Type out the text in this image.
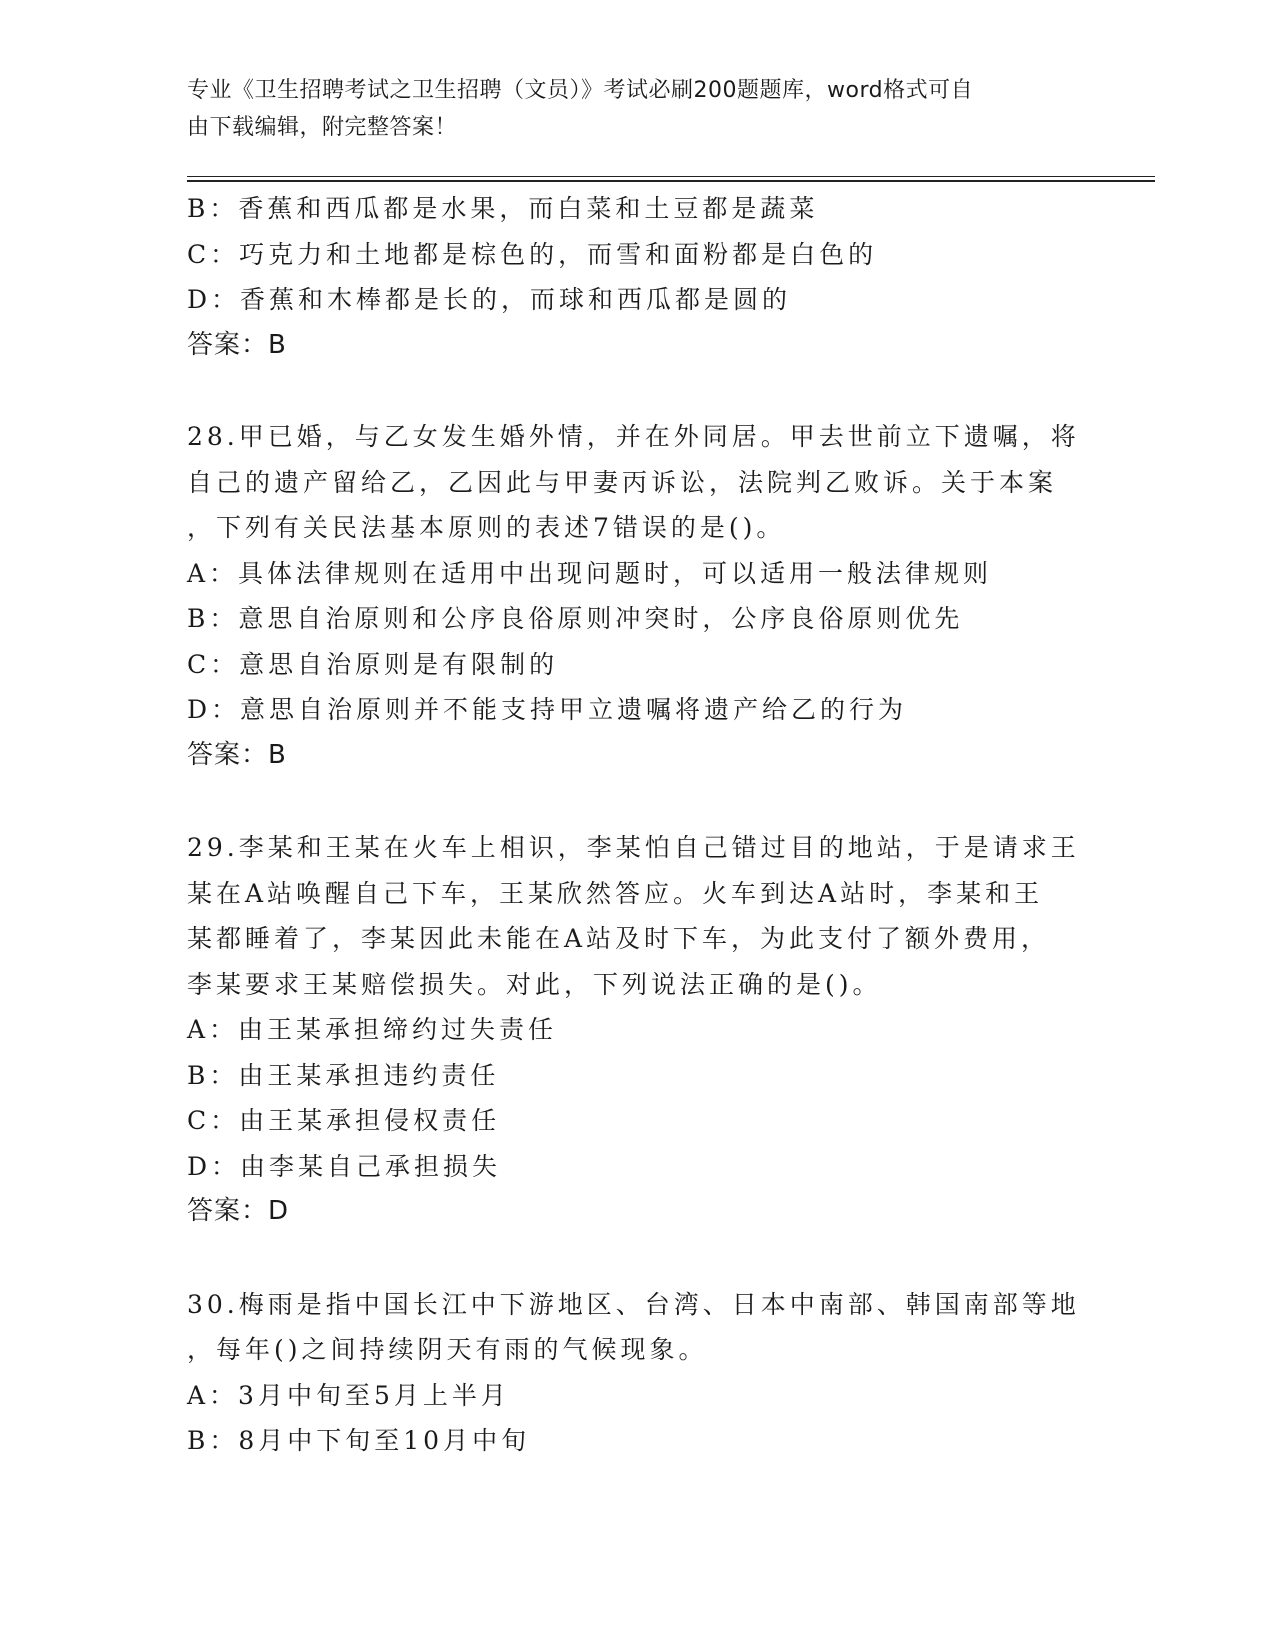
专业《卫生招聘考试之卫生招聘（文员）》考试必刷200题题库，word格式可自
由下载编辑，附完整答案！
B：香蕉和西瓜都是水果，而白菜和土豆都是蔬菜
C：巧克力和土地都是棕色的，而雪和面粉都是白色的
D：香蕉和木棒都是长的，而球和西瓜都是圆的
答案：B
28.甲已婚，与乙女发生婚外情，并在外同居。甲去世前立下遗嘱，将
自己的遗产留给乙，乙因此与甲妻丙诉讼，法院判乙败诉。关于本案
，下列有关民法基本原则的表述7错误的是()。
A：具体法律规则在适用中出现问题时，可以适用一般法律规则
B：意思自治原则和公序良俗原则冲突时，公序良俗原则优先
C：意思自治原则是有限制的
D：意思自治原则并不能支持甲立遗嘱将遗产给乙的行为
答案：B
29.李某和王某在火车上相识，李某怕自己错过目的地站，于是请求王
某在A站唤醒自己下车，王某欣然答应。火车到达A站时，李某和王
某都睡着了，李某因此未能在A站及时下车，为此支付了额外费用，
李某要求王某赔偿损失。对此，下列说法正确的是()。
A：由王某承担缔约过失责任
B：由王某承担违约责任
C：由王某承担侵权责任
D：由李某自己承担损失
答案：D
30.梅雨是指中国长江中下游地区、台湾、日本中南部、韩国南部等地
，每年()之间持续阴天有雨的气候现象。
A：3月中旬至5月上半月
B：8月中下旬至10月中旬
